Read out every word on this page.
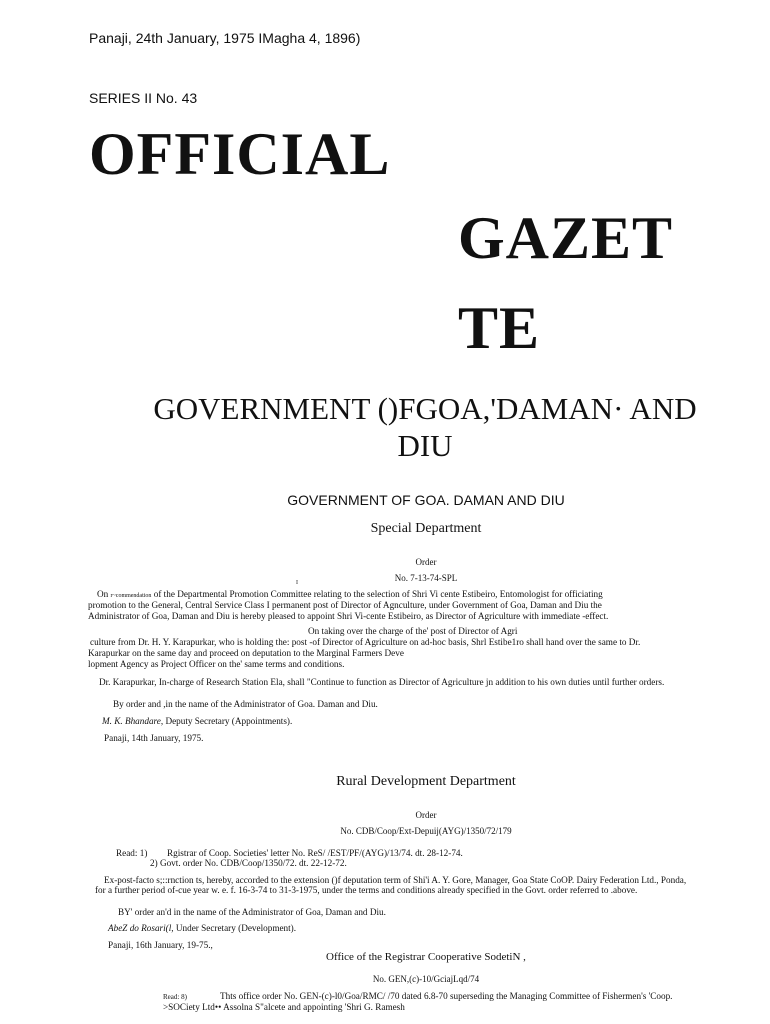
Panaji, 24th January, 1975 IMagha 4, 1896)
SERIES II No. 43
OFFICIAL
GAZET
TE
GOVERNMENT ()FGOA,'DAMAN· AND
DIU
GOVERNMENT OF GOA. DAMAN AND DIU
Special Department
Order
No. 7-13-74-SPL
I
On r~commendation of the Departmental Promotion Committee relating to the selection of Shri Vi cente Estibeiro, Entomologist for officiating
promotion to the General, Central Service Class I permanent post of Director of Agnculture, under Government of Goa, Daman and Diu the
Administrator of Goa, Daman and Diu is hereby pleased to appoint Shri Vi-cente Estibeiro, as Director of Agriculture with immediate -effect.
On taking over the charge of the' post of Director of Agri
culture from Dr. H. Y. Karapurkar, who is holding the: post -of Director of Agriculture on ad-hoc basis, Shrl Estibe1ro shall hand over the same to Dr.
Karapurkar on the same day and proceed on deputation to the Marginal Farmers Deve
lopment Agency as Project Officer on the' same terms and conditions.
Dr. Karapurkar, In-charge of Research Station Ela, shall "Continue to function as Director of Agriculture jn addition to his own duties until further orders.
By order and ,in the name of the Administrator of Goa. Daman and Diu.
M. K. Bhandare, Deputy Secretary (Appointments).
Panaji, 14th January, 1975.
Rural Development Department
Order
No. CDB/Coop/Ext-Depuij(AYG)/1350/72/179
Read: 1) Rgistrar of Coop. Societies' letter No. ReS/ /EST/PF/(AYG)/13/74. dt. 28-12-74.
2) Govt. order No. CDB/Coop/1350/72. dt. 22-12-72.
Ex-post-facto s;::rnction ts, hereby, accorded to the extension ()f deputation term of Shi'i A. Y. Gore, Manager, Goa State CoOP. Dairy Federation Ltd., Ponda,
for a further period of-cue year w. e. f. 16-3-74 to 31-3-1975, under the terms and conditions already specified in the Govt. order referred to .above.
BY' order an'd in the name of the Administrator of Goa, Daman and Diu.
AbeZ do Rosari(l, Under Secretary (Development).
Panaji, 16th January, 19-75.,
Office of the Registrar Cooperative SodetiN ,
No. GEN,(c)-10/GciajLqd/74
Read: 8)	Thts office order No. GEN-(c)-l0/Goa/RMC/ /70 dated 6.8-70 superseding the Managing Committee of Fishermen's 'Coop.
>SOCiety Ltd•• Assolna S"alcete and appointing 'Shri G. Ramesh
